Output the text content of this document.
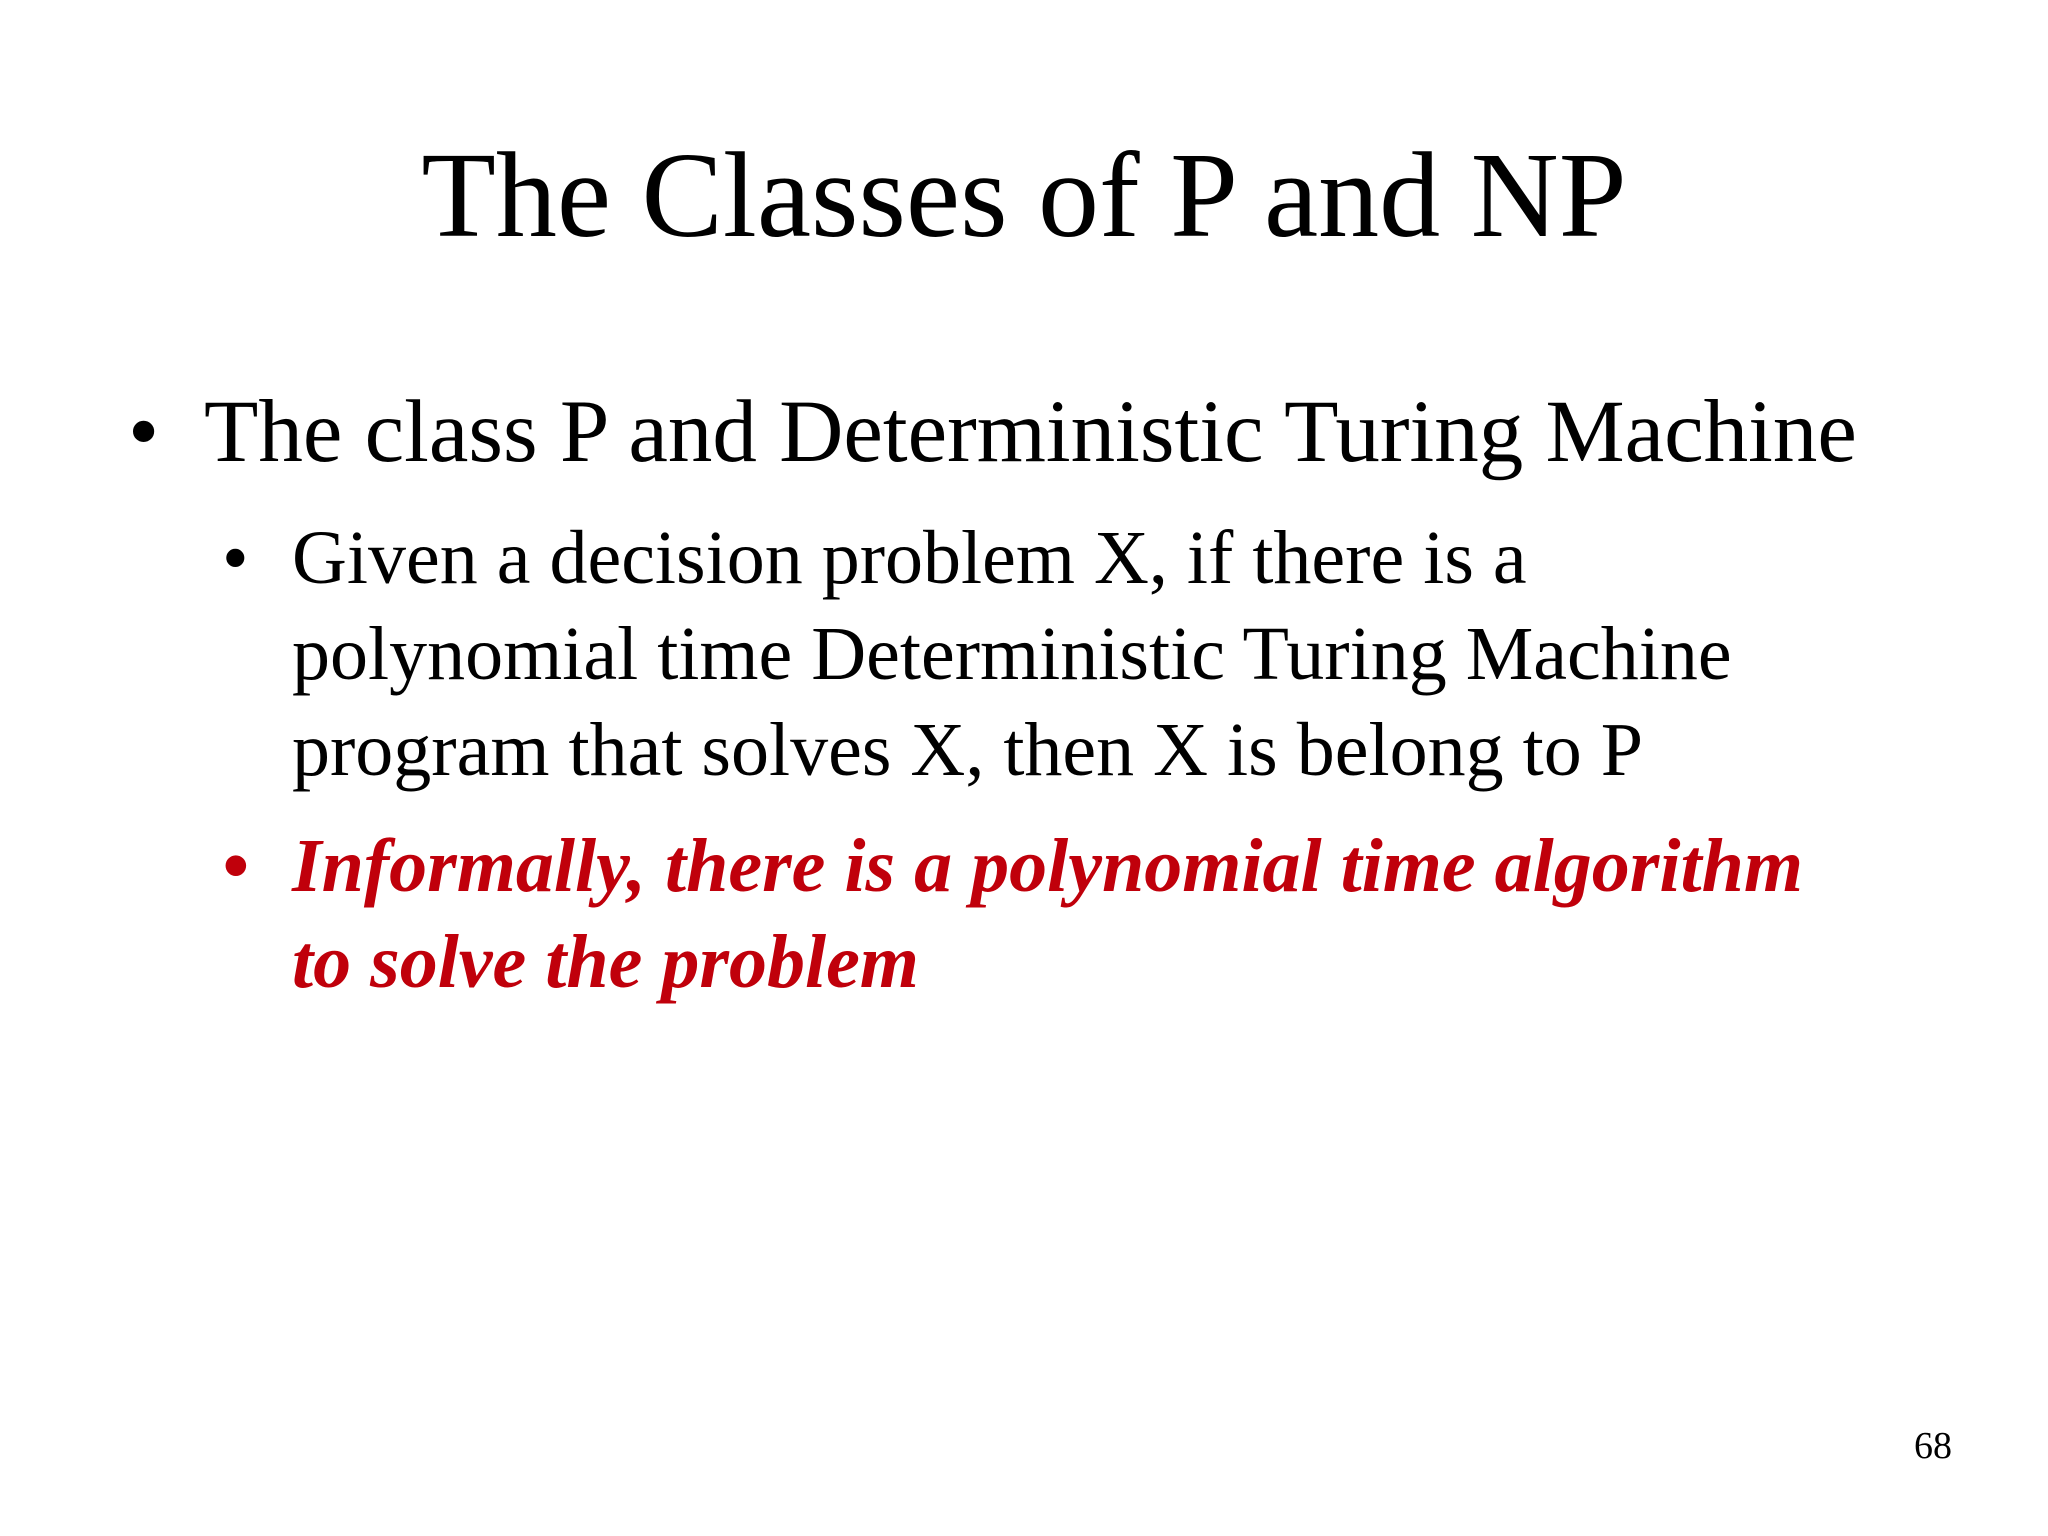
The Classes of P and NP
• The class P and Deterministic Turing Machine
• Given a decision problem X, if there is a
polynomial time Deterministic Turing Machine
program that solves X, then X is belong to P
• Informally, there is a polynomial time algorithm
to solve the problem
68
